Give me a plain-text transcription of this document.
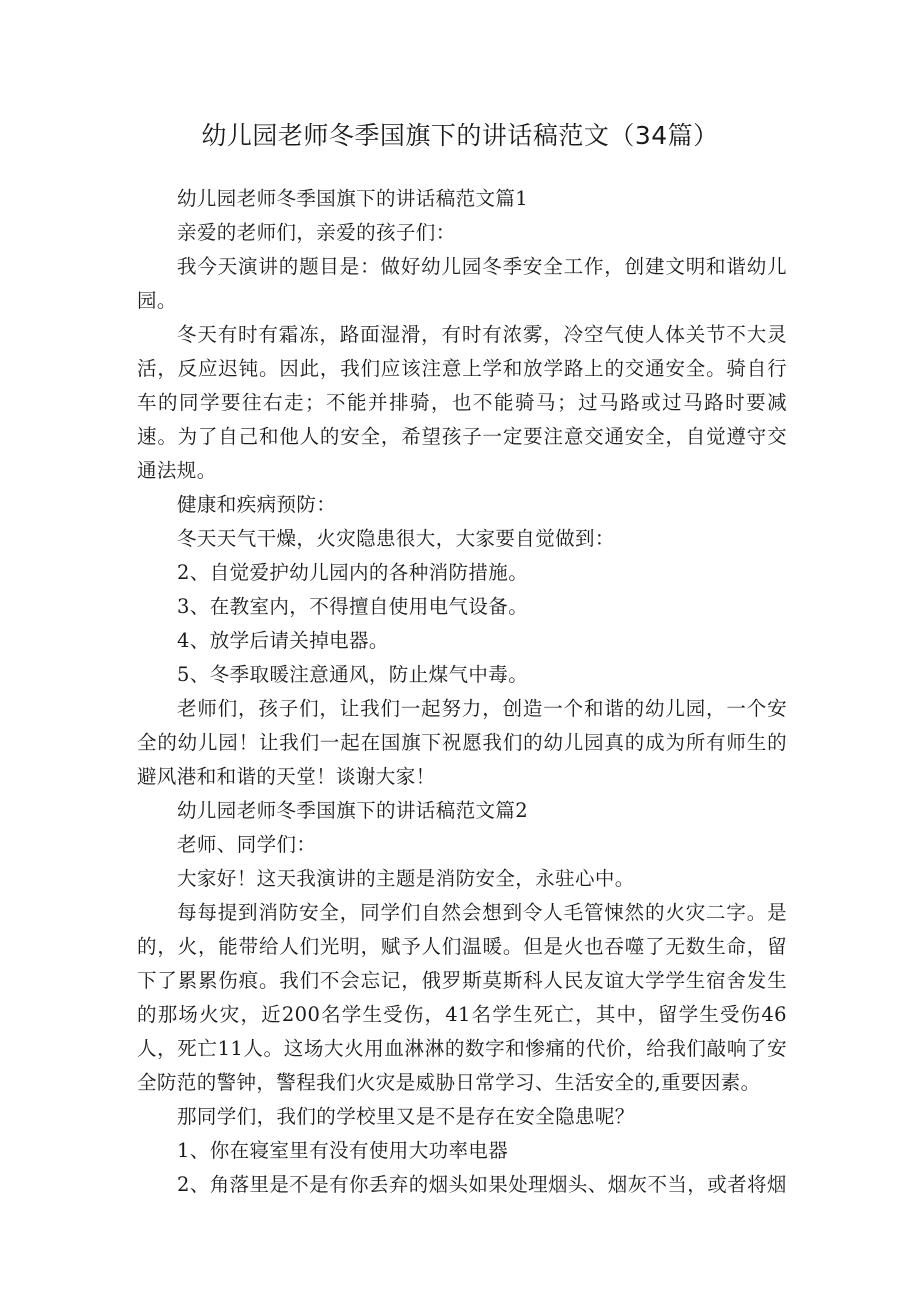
幼儿园老师冬季国旗下的讲话稿范文（34篇）

幼儿园老师冬季国旗下的讲话稿范文篇1

亲爱的老师们，亲爱的孩子们：

我今天演讲的题目是：做好幼儿园冬季安全工作，创建文明和谐幼儿园。

冬天有时有霜冻，路面湿滑，有时有浓雾，冷空气使人体关节不大灵活，反应迟钝。因此，我们应该注意上学和放学路上的交通安全。骑自行车的同学要往右走；不能并排骑，也不能骑马；过马路或过马路时要减速。为了自己和他人的安全，希望孩子一定要注意交通安全，自觉遵守交通法规。

健康和疾病预防：

冬天天气干燥，火灾隐患很大，大家要自觉做到：

2、自觉爱护幼儿园内的各种消防措施。

3、在教室内，不得擅自使用电气设备。

4、放学后请关掉电器。

5、冬季取暖注意通风，防止煤气中毒。

老师们，孩子们，让我们一起努力，创造一个和谐的幼儿园，一个安全的幼儿园！让我们一起在国旗下祝愿我们的幼儿园真的成为所有师生的避风港和和谐的天堂！谈谢大家！

幼儿园老师冬季国旗下的讲话稿范文篇2

老师、同学们：

大家好！这天我演讲的主题是消防安全，永驻心中。

每每提到消防安全，同学们自然会想到令人毛管悚然的火灾二字。是的，火，能带给人们光明，赋予人们温暖。但是火也吞噬了无数生命，留下了累累伤痕。我们不会忘记，俄罗斯莫斯科人民友谊大学学生宿舍发生的那场火灾，近200名学生受伤，41名学生死亡，其中，留学生受伤46人，死亡11人。这场大火用血淋淋的数字和惨痛的代价，给我们敲响了安全防范的警钟，警程我们火灾是威胁日常学习、生活安全的,重要因素。

那同学们，我们的学校里又是不是存在安全隐患呢？

1、你在寝室里有没有使用大功率电器

2、角落里是不是有你丢弃的烟头如果处理烟头、烟灰不当，或者将烟
